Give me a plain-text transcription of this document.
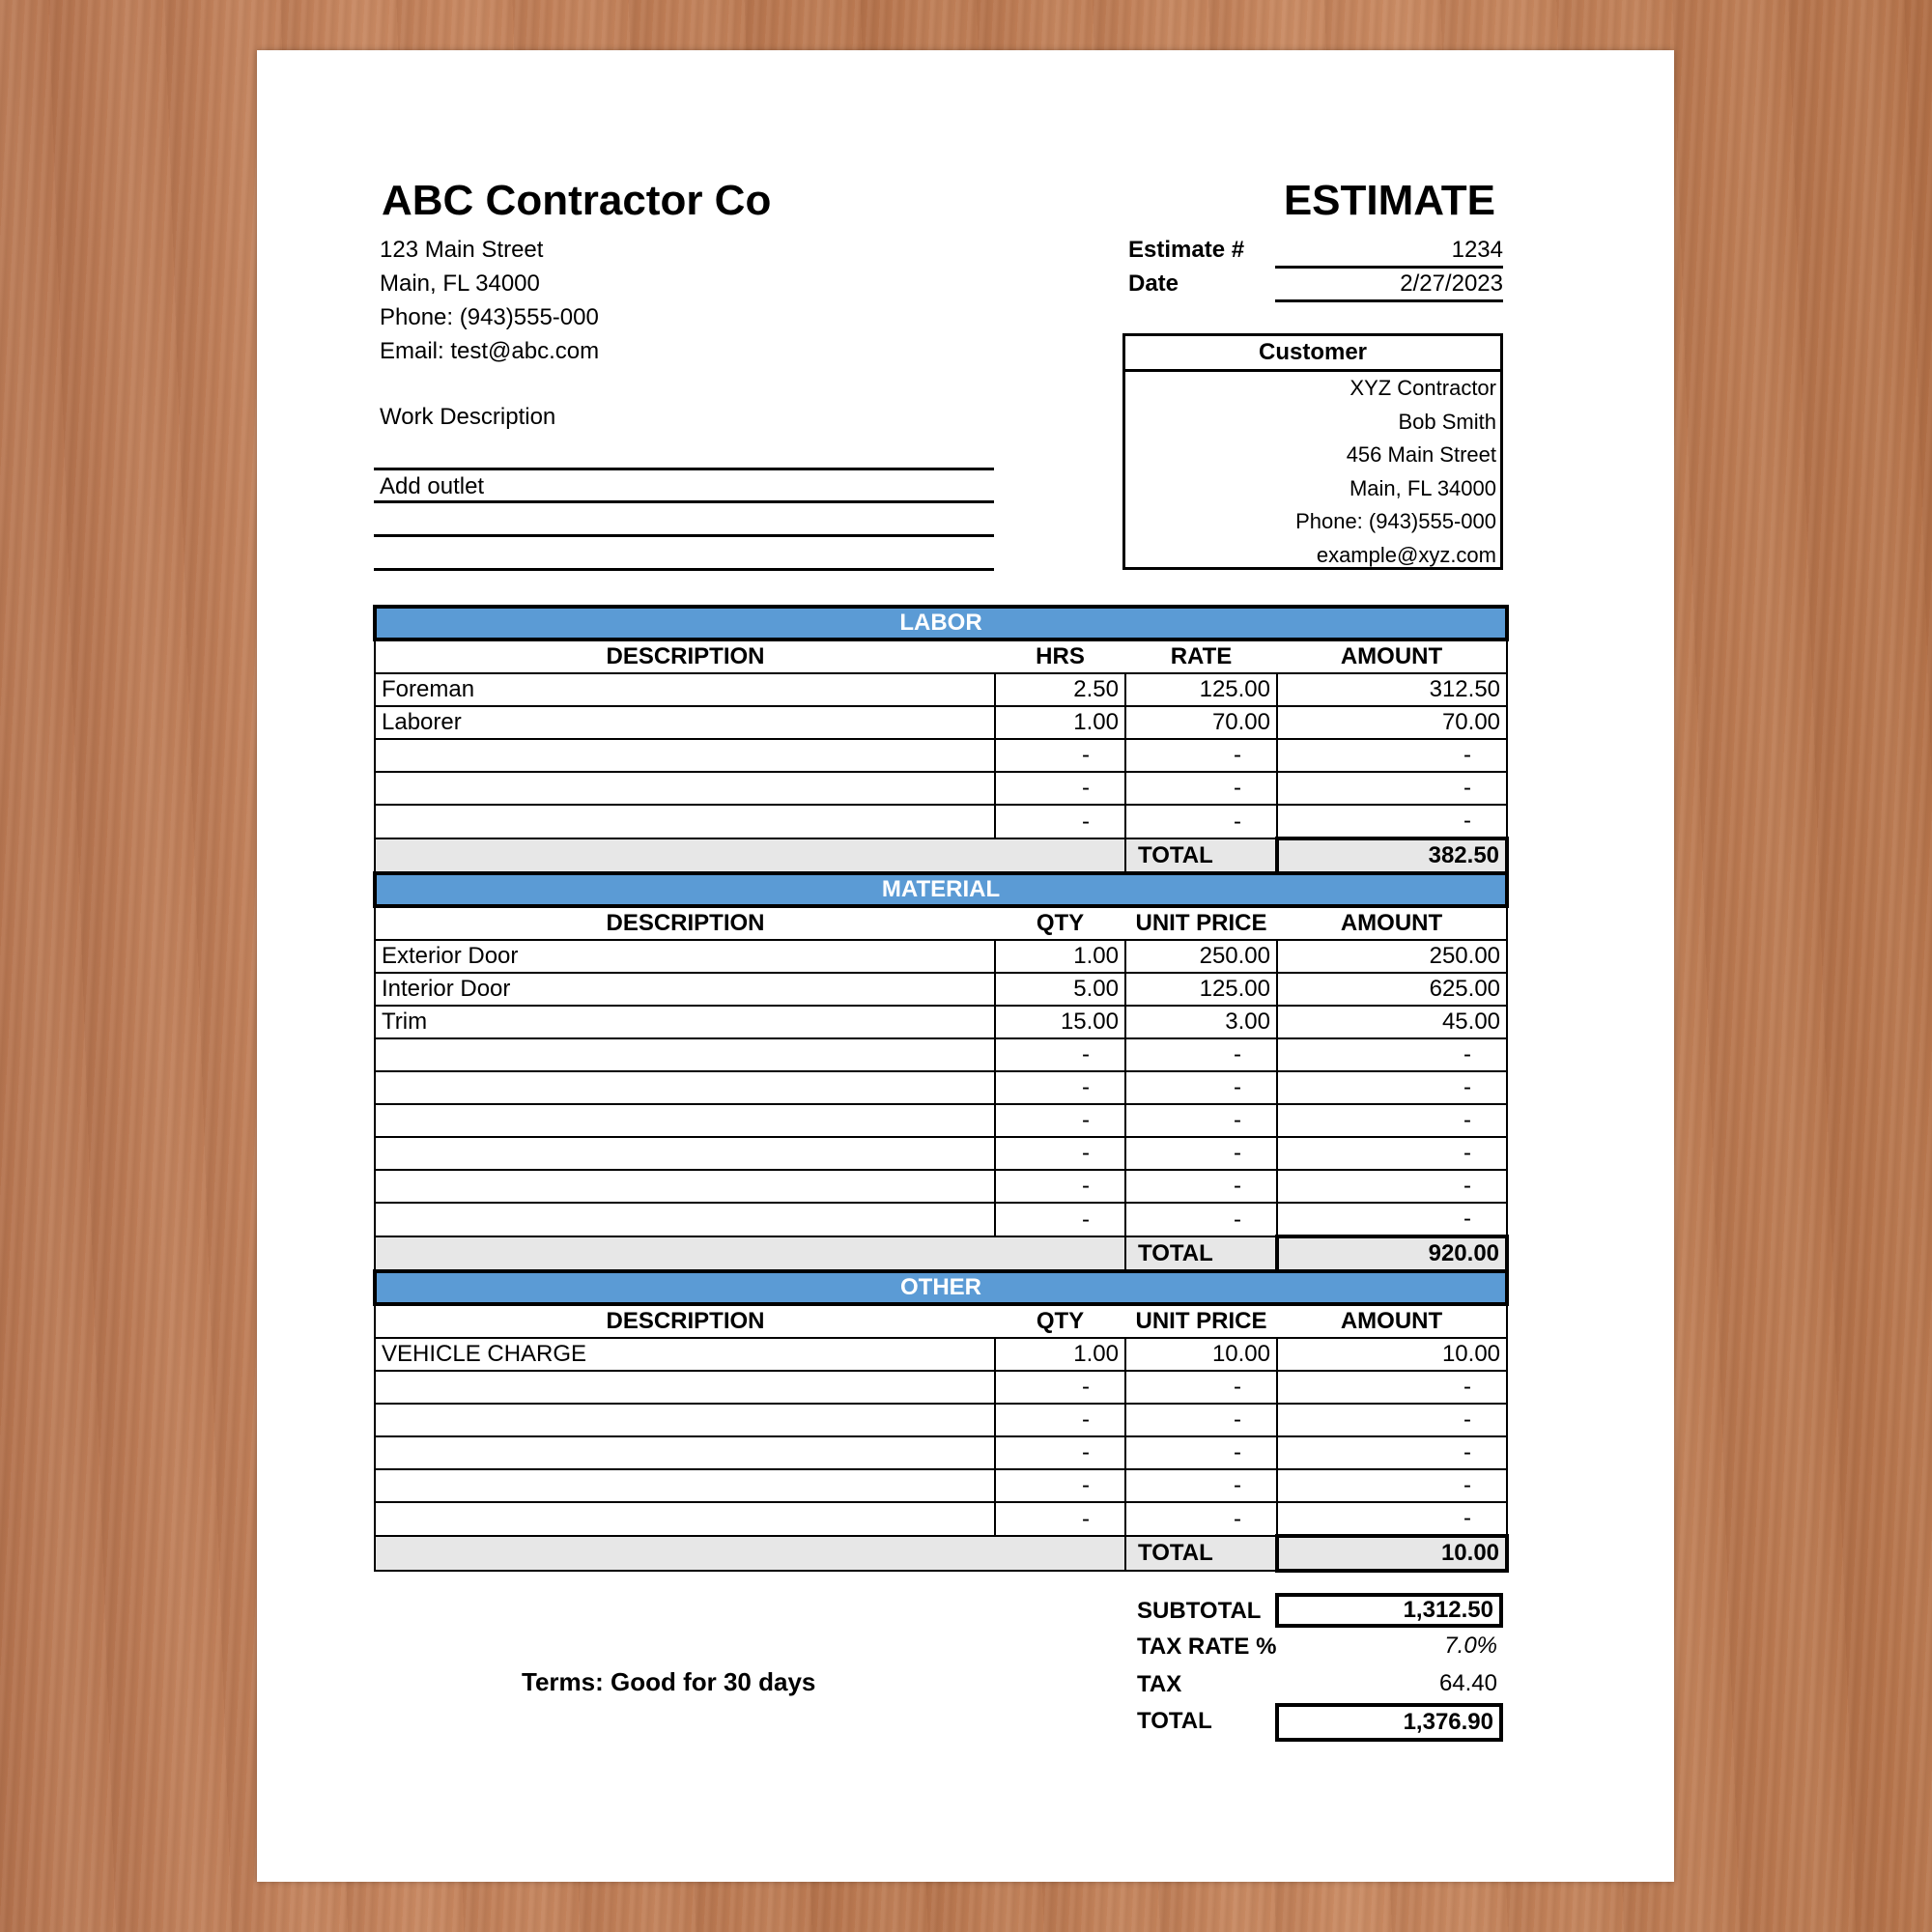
ABC Contractor Co	ESTIMATE
123 Main Street
Main, FL 34000
Phone: (943)555-000
Email: test@abc.com
Estimate #	1234
Date	2/27/2023
Customer
XYZ Contractor
Bob Smith
456 Main Street
Main, FL 34000
Phone: (943)555-000
example@xyz.com
Work Description
Add outlet
LABOR			
DESCRIPTION	HRS	RATE	AMOUNT
Foreman	2.50	125.00	312.50
Laborer	1.00	70.00	70.00
	-	-	-
	-	-	-
	-	-	-
		TOTAL	382.50
MATERIAL			
DESCRIPTION	QTY	UNIT PRICE	AMOUNT
Exterior Door	1.00	250.00	250.00
Interior Door	5.00	125.00	625.00
Trim	15.00	3.00	45.00
	-	-	-
	-	-	-
	-	-	-
	-	-	-
	-	-	-
	-	-	-
		TOTAL	920.00
OTHER			
DESCRIPTION	QTY	UNIT PRICE	AMOUNT
VEHICLE CHARGE	1.00	10.00	10.00
	-	-	-
	-	-	-
	-	-	-
	-	-	-
	-	-	-
		TOTAL	10.00
SUBTOTAL	1,312.50
TAX RATE %	7.0%
TAX	64.40
TOTAL	1,376.90
Terms: Good for 30 days
